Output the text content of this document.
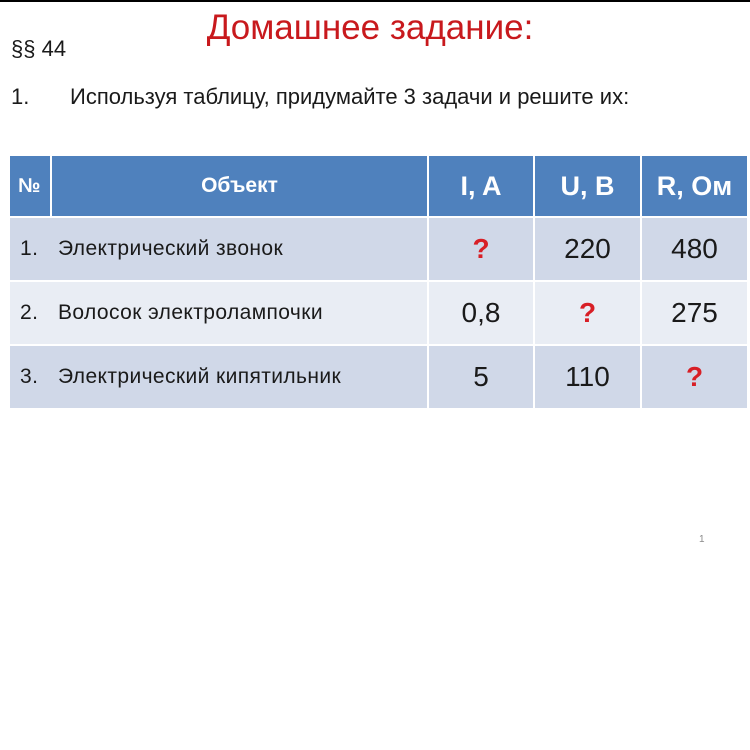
Домашнее задание:
§§ 44
1. Используя таблицу, придумайте 3 задачи и решите их:
№	Объект	I, A	U, B	R, Ом
1. Электрический звонок		?	220	480
2. Волосок электролампочки		0,8	?	275
3. Электрический кипятильник		5	110	?
1
